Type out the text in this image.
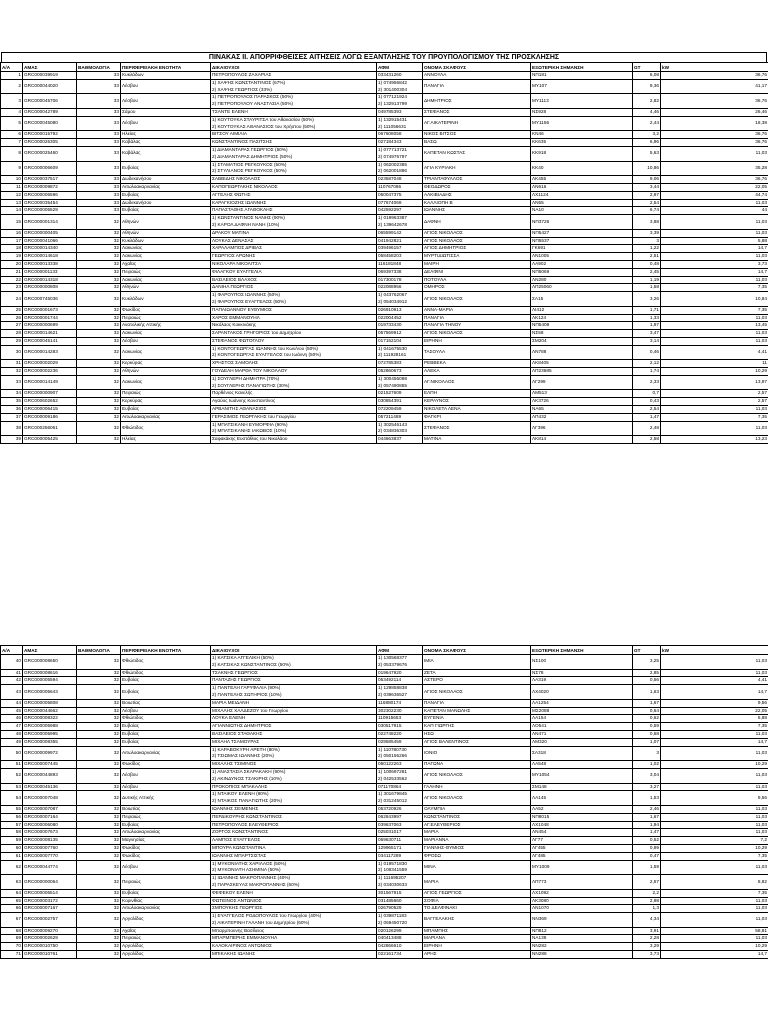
ΠΙΝΑΚΑΣ ΙΙ. ΑΠΟΡΡΙΦΘΕΙΣΕΣ ΑΙΤΗΣΕΙΣ ΛΟΓΩ ΕΞΑΝΤΛΗΣΗΣ ΤΟΥ ΠΡΟΥΠΟΛΟΓΙΣΜΟΥ ΤΗΣ ΠΡΟΣΚΛΗΣΗΣ
Α/Α	ΑΜΑΣ	ΒΑΘΜΟΛΟΓΙΑ	ΠΕΡΙΦΕΡΕΙΑΚΗ ΕΝΟΤΗΤΑ	ΔΙΚΑΙΟΥΧΟΙ	ΑΦΜ	ΟΝΟΜΑ ΣΚΑΦΟΥΣ	ΕΞΩΤΕΡΙΚΗ ΣΗΜΑΝΣΗ	GT	kW
1	GRC000039919	33	Κυκλάδων	ΠΕΤΡΟΠΟΥΛΟΣ ΖΑΧΑΡΙΑΣ	033431260	ΑΝΝΟΥΛΑ	ΝΠ181	6,08	36,76
2	GRC000044020	33	Λέσβου	1) ΧΑΨΗΣ ΚΩΝΣΤΑΝΤΙΝΟΣ (67%)
2) ΧΑΨΗΣ ΓΕΩΡΓΙΟΣ (33%)	1) 074956842
2) 301400304	ΠΑΝΑΓΙΑ	ΜΥ107	9,36	41,17
3	GRC000045706	33	Λέσβου	1) ΠΕΤΡΟΠΟΥΛΟΣ ΠΑΡΑΣΚΟΣ (50%)
2) ΠΕΤΡΟΠΟΥΛΟΥ ΑΝΑΣΤΑΣΙΑ (50%)	1) 077121924
2) 132913799	ΔΗΜΗΤΡΙΟΣ	ΜΥ1113	2,82	36,76
4	GRC000042789	33	Σάμου	ΤΣΑΝΤΕ ΕΛΕΝΗ	049785393	ΣΤΕΦΑΝΟΣ	ΝΣ928	4,46	26,46
5	GRC000045080	33	Λέσβου	1) ΚΟΥΤΟΥΚΑ ΣΤΑΥΡΙΤΣΑ του Αθανασίου (50%)
2) ΚΟΥΤΟΥΚΑΣ ΑΘΑΝΑΣΙΟΣ του Χρήστου (50%)	1) 132915431
2) 111056631	ΑΓ.ΑΙΚΑΤΕΡΙΝΗ	ΜΥ1156	2,44	18,38
6	GRC000015792	33	Ηλείας	ΒΙΤΣΟΥ ΑΙΜΙΛΙΑ	067608058	ΝΙΚΟΣ ΒΙΤΣΟΣ	ΚΝ46	3,2	36,76
7	GRC000026305	33	Καβάλας	ΚΩΝΣΤΑΝΤΙΝΟΣ ΠΑΣΙΤΣΗΣ	027184343	ΒΑΣΩ	ΚΚ635	6,96	36,76
8	GRC000025460	33	Καβάλας	1) ΔΙΑΜΑΝΤΑΡΑΣ ΓΕΩΡΓΙΟΣ (50%)
2) ΔΙΑΜΑΝΤΑΡΑΣ ΔΗΜΗΤΡΙΟΣ (50%)	1) 077713721
2) 074976797	ΚΑΠΕΤΑΝ ΚΩΣΤΑΣ	ΚΚ918	5,63	11,03
9	GRC000006609	33	Ευβοίας	1) ΣΤΑΜΑΤΙΟΣ ΡΕΓΚΟΥΚΟΣ (50%)
2) ΣΤΥΛΙΑΝΟΣ ΡΕΓΚΟΥΚΟΣ (50%)	1) 062002385
2) 062001886	ΑΓΙΑ ΚΥΡΙΑΚΗ	ΚΚ40	10,86	35,28
10	GRC000037517	33	Δωδεκανήσου	ΣΑΒΒΙΔΗΣ ΝΙΚΟΛΑΟΣ	023587048	ΤΡΙΑΝΤΑΦΥΛΛΟΣ	ΛΚ455	9,06	36,76
11	GRC000009872	33	Αιτωλοακαρνανίας	ΚΑΠΟΓΕΩΡΓΑΚΗΣ ΝΙΚΟΛΑΟΣ	110767086	ΘΕΟΔΩΡΟΣ	ΛΝ616	3,44	22,05
12	GRC000006596	33	Ευβοίας	ΑΓΓΕΛΗΣ ΦΩΤΗΣ	050047375	ΑΛΚΙΒΙΑΔΗΣ	ΛΧ1124	2,97	44,74
13	GRC000035454	33	Δωδεκανήσου	ΚΑΡΑΓΚΙΟΖΗΣ ΙΩΑΝΝΗΣ	077674069	ΚΑΛΛΙΟΠΗ Β	ΛΝ65	2,54	11,03
14	GRC000005529	33	Ευβοίας	ΠΑΠΑΣΤΑΘΗΣ ΑΓΑΘΟΚΛΗΣ	042592297	ΙΩΑΝΝΗΣ	ΝΑ10	6,74	44
15	GRC000001314	32	Αθηνών	1) ΚΩΝΣΤΑΝΤΙΝΟΣ ΝΑΝΗΣ (90%)
2) ΚΑΡΟΛ ΔΑΦΝΗ ΝΑΝΗ (10%)	1) 019963387
2) 139642678	ΔΑΦΝΗ	ΝΠ3726	3,88	11,03
16	GRC000000405	32	Αθηνών	ΔΡΑΚΟΥ ΜΑΤΙΝΑ	065599142	ΑΓΙΟΣ ΝΙΚΟΛΑΟΣ	ΝΠ5427	3,39	11,03
17	GRC000041066	32	Κυκλάδων	ΛΟΥΚΑΣ ΔΕΝΑΣΑΣ	041942821	ΑΓΙΟΣ ΝΙΚΟΛΑΟΣ	ΝΠ5537	3	5,88
18	GRC000014340	32	Λακωνίας	ΧΑΡΑΛΑΜΠΟΣ ΔΡΙΒΑΣ	039496157	ΑΓΙΟΣ ΔΗΜΗΤΡΙΟΣ	ΓΚ691	1,22	14,7
19	GRC000014618	32	Λακωνίας	ΓΕΩΡΓΙΟΣ ΑΡΩΝΗΣ	058458203	ΜΥΡΤΙΔΙΩΤΙΣΣΑ	ΛΝ1005	2,51	11,03
20	GRC000013338	32	Αχαΐας	ΝΙΚΟΛΑΡΑ ΝΙΚΟΛΙΤΣΑ	116181848	ΜΑΙΡΗ	ΛΑ902	0,48	3,73
21	GRC000001133	32	Πειραιώς	ΦΙΛΑΓΚΟΥ ΕΥΑΓΓΕΛΙΑ	069397338	ΔΕΛΦΙΝΙ	ΝΠ5069	2,45	14,7
22	GRC000014318	32	Λακωνίας	ΒΑΣΙΛΕΙΟΣ ΒΛΑΧΟΣ	017300178	ΠΟΤΟΥΛΑ	ΛΝ280	1,19	11,03
23	GRC000000808	32	Αθηνών	ΔΑΝΙΗΛ ΓΕΩΡΓΙΟΣ	022088956	ΟΜΗΡΟΣ	ΛΠ25060	1,58	7,35
24	GRC000745036	32	Κυκλάδων	1) ΦΑΡΟΥΠΟΣ ΙΩΑΝΝΗΣ (50%)
2) ΦΑΡΟΥΠΟΣ ΕΥΑΓΓΕΛΟΣ (50%)	1) 043762067
2) 054034912	ΑΓΙΟΣ ΝΙΚΟΛΑΟΣ	ΣΑ15	3,26	10,84
25	GRC000001673	32	Φωκίδος	ΠΑΠΑΙΩΑΝΝΟΥ ΕΥΘΥΜΙΟΣ	026910913	ΑΝΝΑ-ΜΑΡΙΑ	ΛΙ412	1,71	7,35
26	GRC000001744	32	Πειραιώς	ΧΑΡΟΣ ΕΜΜΑΝΟΥΗΛ	022004452	ΠΑΝΑΓΙΑ	ΛΚ124	1,33	11,03
27	GRC000000699	32	Ανατολικής Αττικής	Νικόλαος Κοκκινάκης	019733430	ΠΑΝΑΓΙΑ ΤΗΝΟΥ	ΝΠ5408	1,97	13,45
28	GRC000014621	32	Λακωνίας	ΣΑΡΑΝΤΑΚΟΣ ΓΡΗΓΟΡΙΟΣ του Δημητρίου	057569912	ΑΓΙΟΣ ΝΙΚΟΛΑΟΣ	ΝΣ58	3,47	11,03
29	GRC000045141	32	Λέσβου	ΣΤΕΦΑΝΟΣ ΦΩΤΟΓΛΟΥ	017152104	ΕΙΡΗΝΗ	ΣΜ204	3,14	11,03
30	GRC000014283	32	Λακωνίας	1) ΚΟΝΤΟΓΕΩΡΓΑΣ ΙΩΑΝΝΗΣ του Κων/νου (50%)
2) ΚΟΝΤΟΓΕΩΡΓΑΣ ΕΥΑΓΓΕΛΟΣ του Ιωάννη (50%)	1) 041675530
2) 111928161	ΤΑΣΟΥΛΑ	ΛΝ788	0,46	4,41
31	GRC000002029	32	Κερκύρας	ΧΡΗΣΤΟΣ ΣΑΜΟΛΗΣ	072785383	ΡΕΒΒΕΚΑ	ΛΚ8405	2,12	11
32	GRC000002236	32	Αθηνών	ΓΟΥΔΕΛΗ ΜΑΡΘΑ ΤΟΥ ΝΙΚΟΛΑΟΥ	052860673	ΑΛΕΚΑ	ΛΠ23685	1,74	10,29
33	GRC000014149	32	Λακωνίας	1) ΣΟΥΓΛΕΡΗ ΔΗΜΗΤΡΑ (70%)
2) ΣΟΥΓΛΕΡΗΣ ΠΑΝΑΓΙΩΤΗΣ (30%)	1) 300456098
2) 057490855	ΑΓ.ΝΙΚΟΛΑΟΣ	ΛΓ299	2,33	13,97
34	GRC000000907	32	Πειραιώς	Παρθένιος Κανελής	021527609	ΕΛΠΗ	ΛΜ513	0,7	2,57
35	GRC000602652	32	Κερκύρας	Αγαύος Ιωάννης Κονσταντίνος	030854391	ΚΕΡΑΥΝΟΣ	ΛΚ3726	0,43	2,57
36	GRC000006415	32	Ευβοίας	ΑΡΒΑΝΙΤΗΣ ΑΘΑΝΑΣΙΟΣ	072209459	ΝΙΚΟΛΕΤΑ ΛΕΝΑ	ΝΑ65	2,54	11,03
37	GRC000009186	32	Αιτωλοακαρνανίας	ΓΕΡΑΣΙΜΟΣ ΓΕΩΡΓΑΚΗΣ του Γεωργίου	057211489	ΦΑΓΚΡΙ	ΛΠ432	1,47	7,35
38	GRC000256061	32	Φθιώτιδος	1) ΜΠΑΤΣΙΚΑΝΗ ΕΥΜΟΡΦΙΑ (90%)
2) ΜΠΑΤΣΙΚΑΝΗΣ ΙΑΚΩΒΟΣ (10%)	1) 302546143
2) 034836303	ΣΤΕΦΑΝΟΣ	ΛΓ396	2,48	11,03
39	GRC000005425	32	Ηλείας	Σαφακάκης Ευστάθιος του Νικολάου	044663837	ΜΑΤΙΝΑ	ΛΚ814	2,58	13,23
Α/Α	ΑΜΑΣ	ΒΑΘΜΟΛΟΓΙΑ	ΠΕΡΙΦΕΡΕΙΑΚΗ ΕΝΟΤΗΤΑ	ΔΙΚΑΙΟΥΧΟΙ	ΑΦΜ	ΟΝΟΜΑ ΣΚΑΦΟΥΣ	ΕΞΩΤΕΡΙΚΗ ΣΗΜΑΝΣΗ	GT	kW
40	GRC000008650	32	Φθιώτιδος	1) ΚΑΤΣΙΚΑ ΑΓΓΕΛΙΚΗ (50%)
2) ΚΑΤΣΙΚΑΣ ΚΩΝΣΤΑΝΤΙΝΟΣ (50%)	1) 130568377
2) 053379676	ΙΜΙΑ	ΝΣ100	3,25	11,03
41	GRC000008616	32	Φθιώτιδος	ΤΣΑΚΝΗΣ ΓΕΩΡΓΙΟΣ	019647920	ΖΕΤΑ	ΝΣ78	2,85	11,03
42	GRC000005594	32	Ευβοίας	ΠΑΝΤΑΖΗΣ ΓΕΩΡΓΙΟΣ	053492114	ΑΣΤΕΡΟ	ΛΑ319	0,56	4,41
43	GRC000005643	32	Ευβοίας	1) ΠΑΝΤΕΛΗ ΓΑΡΥΦΑΛΙΑ (90%)
2) ΠΑΝΤΕΛΗΣ ΣΩΤΗΡΙΟΣ (10%)	1) 129858838
2) 039636527	ΑΓΙΟΣ ΝΙΚΟΛΑΟΣ	ΛΧ4020	1,63	14,7
44	GRC000005808	32	Βοιωτίας	ΜΑΡΙΑ ΜΕΙΔΑΝΗ	116880174	ΠΑΝΑΓΙΑ	ΛΑ1254	1,67	9,56
45	GRC000044662	32	Λέσβου	ΜΙΧΑΛΗΣ ΧΑΛΔΕΖΟΥ του Γεωργίου	302302230	ΚΑΠΕΤΑΝ ΜΑΝΩΛΗΣ	ΜΣ2088	0,64	22,05
46	GRC000008322	32	Φθιώτιδος	ΛΟΥΚΑ ΕΛΕΝΗ	110915653	ΕΥΓΕΝΙΑ	ΛΑ154	0,62	5,88
47	GRC000005988	32	Ευβοίας	ΑΓΙΑΝΝΙΩΤΗΣ ΔΗΜΗΤΡΙΟΣ	030517915	ΚΑΠ ΓΙΩΡΓΗΣ	ΛΟ541	0,59	7,35
48	GRC000005995	32	Ευβοίας	ΒΑΣΙΛΕΙΟΣ ΣΤΑΘΑΚΗΣ	022748220	ΗΣΩ	ΛΝ471	0,68	11,03
49	GRC000008355	32	Ευβοίας	ΜΙΧΑΗΛ ΤΣΑΜΟΥΡΑΣ	029585459	ΑΓΙΟΣ ΒΑΛΕΝΤΙΝΟΣ	ΛΜ320	1,07	14,7
50	GRC000009972	32	Αιτωλοακαρνανίας	1) ΚΑΡΑΒΟΚΥΡΗ ΑΡΕΤΗ (80%)
2) ΤΣΙΩΜΑΣ ΙΩΑΝΝΗΣ (20%)	1) 110780730
2) 050156266	ΙΟΝΙΟ	ΣΑ318	3	11,03
51	GRC000007445	32	Φωκίδος	ΜΙΧΑΛΗΣ ΤΣΙΜΙΝΟΣ	050122263	ΠΑΓΩΝΑ	ΛΑ548	1,02	10,29
52	GRC000044893	32	Λέσβου	1) ΑΝΑΣΤΑΣΙΑ ΣΚΑΡΑΚΑΚΗ (90%)
2) ΑΚΙΝΔΥΝΟΣ ΤΣΑΚΙΡΗΣ (10%)	1) 100697281
2) 042533562	ΑΓΙΟΣ ΝΙΚΟΛΑΟΣ	ΜΥ1054	3,04	11,03
53	GRC000045136	32	Λέσβου	ΠΡΟΚΟΠΙΟΣ ΜΠΑΚΑΛΗΣ	071170864	ΓΑΛΗΝΗ	ΣΜ148	3,27	11,03
54	GRC000007048	32	Δυτικής Αττικής	1) ΝΤΑΙΚΟΥ ΕΛΕΝΗ (80%)
2) ΝΤΑΙΚΟΣ ΠΑΝΑΓΙΩΤΗΣ (20%)	1) 301679845
2) 031245012	ΑΓΙΟΣ ΝΙΚΟΛΑΟΣ	ΛΑ145	1,53	9,56
55	GRC000007087	32	Βοιωτίας	ΙΩΑΝΝΗΣ ΣΕΙΜΕΝΗΣ	053720926	ΟΛΥΜΠΙΑ	ΛΑ52	2,46	11,03
56	GRC000007164	32	Πειραιώς	ΠΕΡΔΙΚΟΥΡΗΣ ΚΩΝΣΤΑΝΤΙΝΟΣ	062843997	ΚΩΝΣΤΑΝΤΙΝΟΣ	ΝΠ8015	1,67	11,03
57	GRC000006080	32	Ευβοίας	ΠΕΤΡΟΠΟΥΛΟΣ ΕΛΕΥΘΕΡΙΟΣ	039637063	ΑΓ.ΕΛΕΥΘΕΡΙΟΣ	ΛΧ1048	1,94	11,03
58	GRC000007673	32	Αιτωλοακαρνανίας	ΖΟΡΓΟΣ ΚΩΝΣΤΑΝΤΙΝΟΣ	025031017	ΜΑΡΙΑ	ΛΝ454	1,47	11,03
59	GRC000008135	32	Μαγνησίας	ΛΑΜΠΟΣ ΕΥΑΓΓΕΛΟΣ	059630711	ΜΑΡΙΑΝΝΑ	ΛΓ77	0,52	7,2
60	GRC000007760	32	Φωκίδος	ΜΠΟΥΡΑ ΚΩΝΣΤΑΝΤΙΝΑ	129965171	ΓΙΑΝΝΗΣ-ΘΥΜΙΟΣ	ΛΓ455	0,99	10,29
61	GRC000007770	32	Φωκίδος	ΙΩΑΝΝΗΣ ΜΠΑΡΤΣΙΣΤΑΣ	034117289	ΦΡΟΣΩ	ΛΓ485	0,47	7,35
62	GRC000044774	32	Λέσβου	1) ΜΥΚΟΝΙΑΤΗΣ ΧΑΡΙΛΑΟΣ (50%)
2) ΜΥΚΟΝΙΑΤΗ ΑΣΗΜΙΝΑ (50%)	1) 019571830
2) 108341559	ΜΙΝΑ	ΜΥ1009	1,59	11,03
63	GRC000000064	32	Πειραιώς	1) ΙΩΑΝΝΗΣ ΜΑΚΡΟΠΑΝΝΗΣ (40%)
2) ΠΑΡΑΣΚΕΥΑΣ ΜΑΚΡΟΠΑΝΝΗΣ (60%)	1) 111695207
2) 034030633	ΜΑΡΙΑ	ΛΠ773	2,57	8,82
64	GRC000006514	32	Ευβοίας	ΦΕΦΕΚΟΥ ΕΛΕΝΗ	301567915	ΑΓΙΟΣ ΓΕΩΡΓΙΟΣ	ΛΧ1092	2,2	7,35
65	GRC000003172	32	Κορινθίας	ΦΩΤΕΙΝΟΣ ΑΝΤΩΝΙΟΣ	031485660	ΣΟΦΙΑ	ΛΚ3080	2,98	11,03
66	GRC000007167	32	Αιτωλοακαρνανίας	ΣΜΠΟΥΚΗΣ ΓΕΩΡΓΙΟΣ	026790529	ΤΟ ΔΕΛΦΙΝΑΚΙ	ΛΝ1070	1,3	11,03
67	GRC000002757	32	Αργολίδος	1) ΕΥΑΓΓΕΛΟΣ ΡΟΔΟΠΟΥΛΟΣ του Γεωργίου (40%)
2) ΑΙΚΑΤΕΡΙΝΗ ΓΑΛΑΝΗ του Δημητρίου (60%)	1) 039871183
2) 069450720	ΒΑΓΓΕΛΑΚΗΣ	ΝΝ369	4,34	11,03
68	GRC000009270	32	Αχαΐας	Μπαρμπουνης Βασίλειος	020126299	ΜΠΑΜΠΗΣ	ΝΠ812	3,91	58,81
69	GRC000002629	32	Πειραιώς	ΜΠΑΡΜΠΕΡΗΣ ΕΜΜΑΝΟΥΗΛ	040413488	ΜΑΡΙΑΝΑ	ΝΑ139	2,28	11,03
70	GRC000010750	32	Αργολίδος	ΚΑΛΟΚΑΙΡΙΝΟΣ ΑΝΤΩΝΙΟΣ	042866610	ΕΙΡΗΝΗ	ΝΝ282	3,29	10,29
71	GRC000010761	32	Αργολίδος	ΜΠΙΚΑΚΗΣ ΙΩΑΝΗΣ	022161734	ΑΡΗΣ	ΝΝ288	3,73	14,7
